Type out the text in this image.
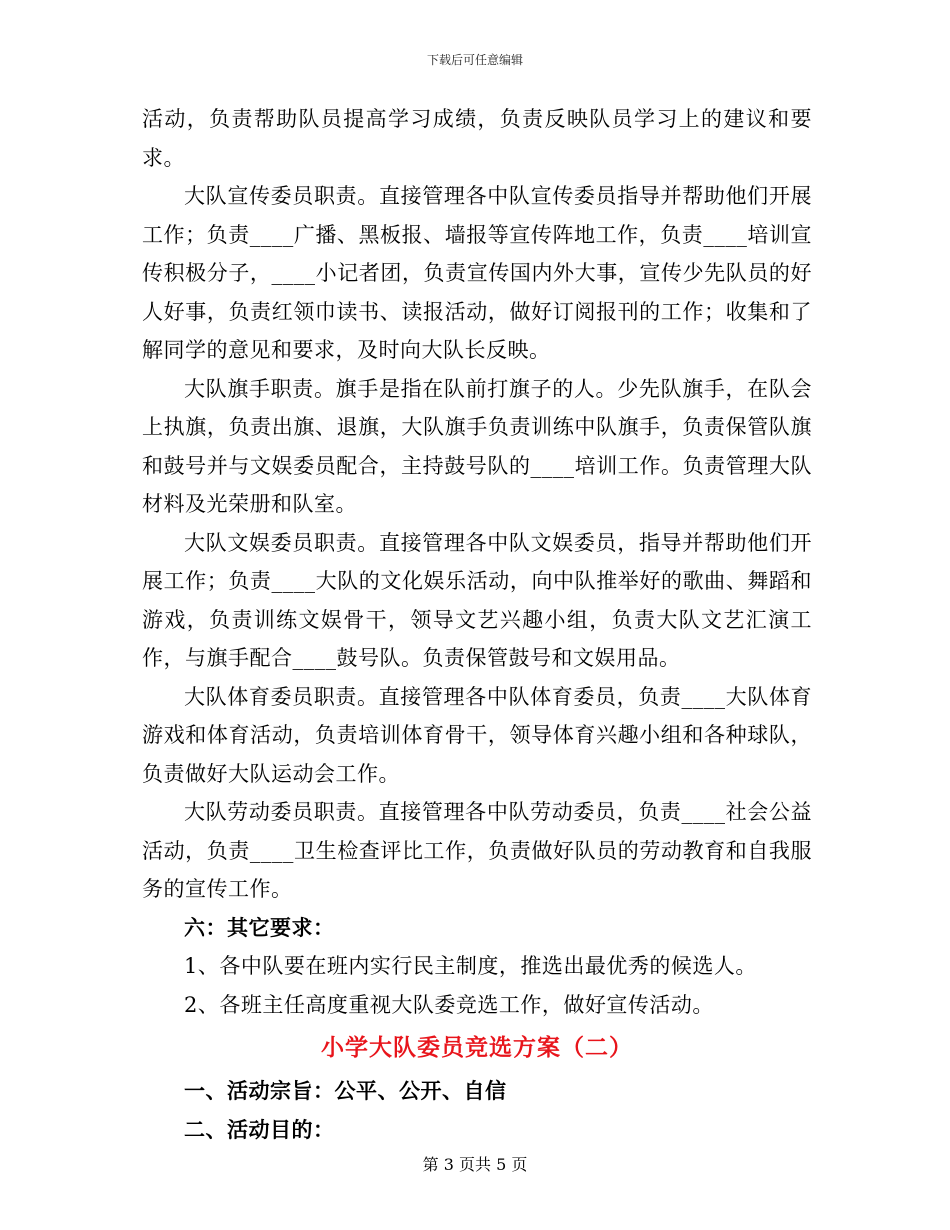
下载后可任意编辑

活动，负责帮助队员提高学习成绩，负责反映队员学习上的建议和要求。

大队宣传委员职责。直接管理各中队宣传委员指导并帮助他们开展工作；负责____广播、黑板报、墙报等宣传阵地工作，负责____培训宣传积极分子，____小记者团，负责宣传国内外大事，宣传少先队员的好人好事，负责红领巾读书、读报活动，做好订阅报刊的工作；收集和了解同学的意见和要求，及时向大队长反映。

大队旗手职责。旗手是指在队前打旗子的人。少先队旗手，在队会上执旗，负责出旗、退旗，大队旗手负责训练中队旗手，负责保管队旗和鼓号并与文娱委员配合，主持鼓号队的____培训工作。负责管理大队材料及光荣册和队室。

大队文娱委员职责。直接管理各中队文娱委员，指导并帮助他们开展工作；负责____大队的文化娱乐活动，向中队推举好的歌曲、舞蹈和游戏，负责训练文娱骨干，领导文艺兴趣小组，负责大队文艺汇演工作，与旗手配合____鼓号队。负责保管鼓号和文娱用品。

大队体育委员职责。直接管理各中队体育委员，负责____大队体育游戏和体育活动，负责培训体育骨干，领导体育兴趣小组和各种球队，负责做好大队运动会工作。

大队劳动委员职责。直接管理各中队劳动委员，负责____社会公益活动，负责____卫生检查评比工作，负责做好队员的劳动教育和自我服务的宣传工作。

六：其它要求：

1、各中队要在班内实行民主制度，推选出最优秀的候选人。

2、各班主任高度重视大队委竞选工作，做好宣传活动。

小学大队委员竞选方案（二）

一、活动宗旨：公平、公开、自信

二、活动目的：

第 3 页共 5 页
